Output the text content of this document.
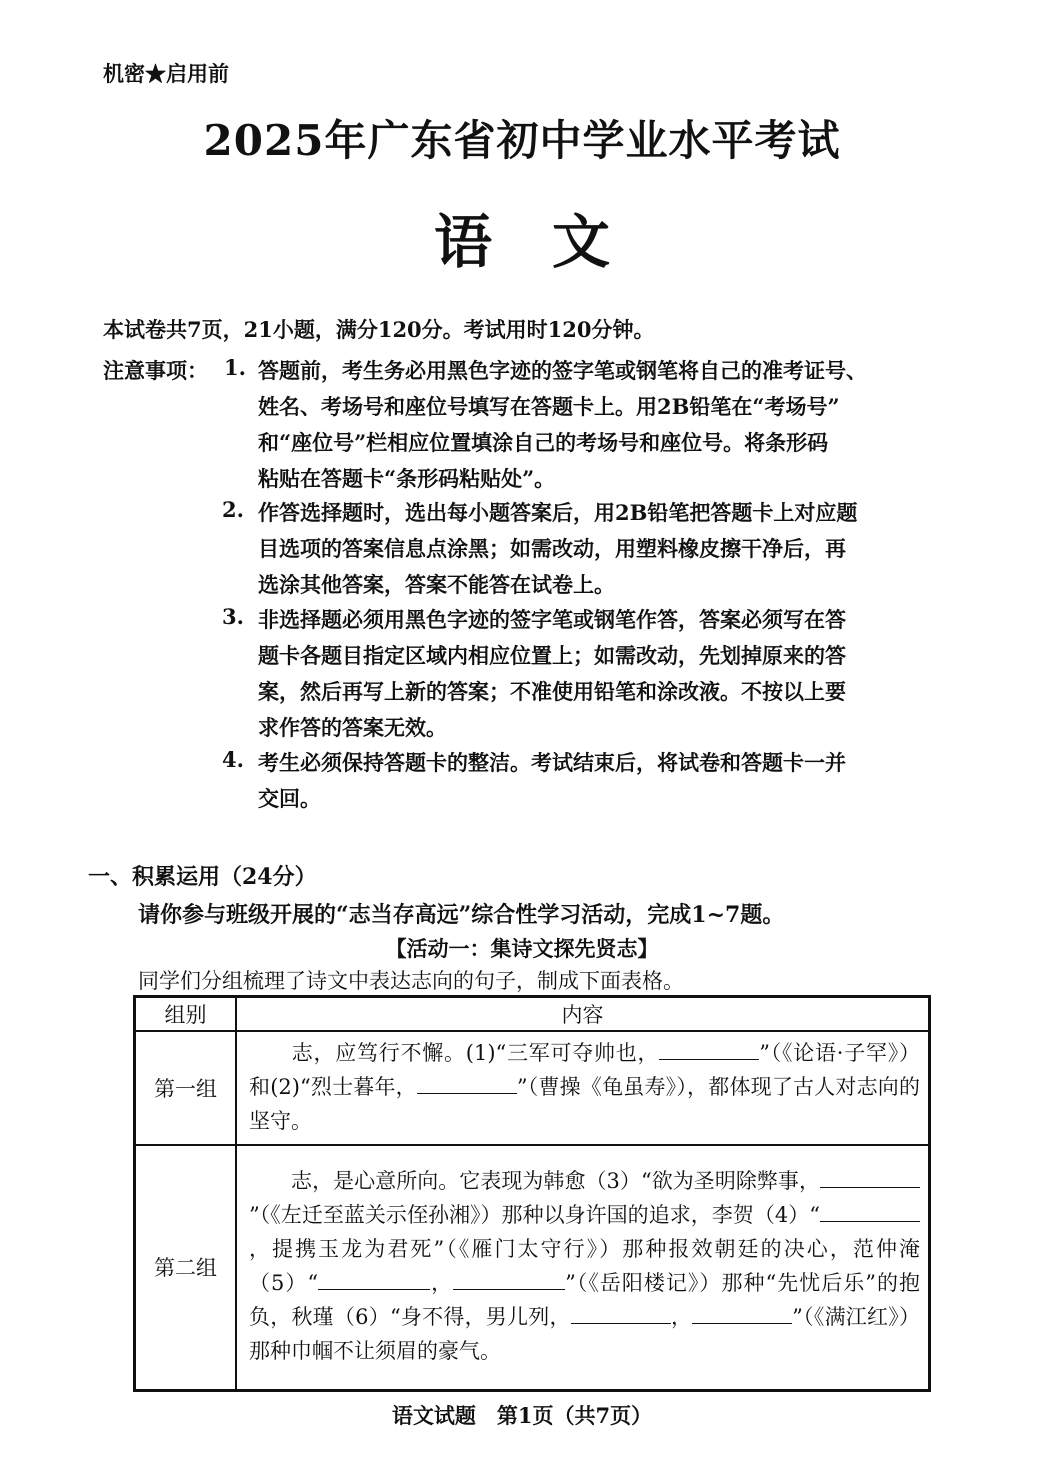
机密★启用前
2025年广东省初中学业水平考试
语文
本试卷共7页，21小题，满分120分。考试用时120分钟。
注意事项： 1. 答题前，考生务必用黑色字迹的签字笔或钢笔将自己的准考证号、
姓名、考场号和座位号填写在答题卡上。用2B铅笔在“考场号”
和“座位号”栏相应位置填涂自己的考场号和座位号。将条形码
粘贴在答题卡“条形码粘贴处”。
2. 作答选择题时，选出每小题答案后，用2B铅笔把答题卡上对应题
目选项的答案信息点涂黑；如需改动，用塑料橡皮擦干净后，再
选涂其他答案，答案不能答在试卷上。
3. 非选择题必须用黑色字迹的签字笔或钢笔作答，答案必须写在答
题卡各题目指定区域内相应位置上；如需改动，先划掉原来的答
案，然后再写上新的答案；不准使用铅笔和涂改液。不按以上要
求作答的答案无效。
4. 考生必须保持答题卡的整洁。考试结束后，将试卷和答题卡一并
交回。
一、积累运用（24分）
请你参与班级开展的“志当存高远”综合性学习活动，完成1~7题。
【活动一：集诗文探先贤志】
同学们分组梳理了诗文中表达志向的句子，制成下面表格。
组别	内容
第一组	志，应笃行不懈。(1)“三军可夺帅也， ”（《论语·子罕》）和(2)“烈士暮年， ”（曹操《龟虽寿》），都体现了古人对志向的坚守。
第二组	志，是心意所向。它表现为韩愈（3）“欲为圣明除弊事，”（《左迁至蓝关示侄孙湘》）那种以身许国的追求，李贺（4）“，提携玉龙为君死”（《雁门太守行》）那种报效朝廷的决心，范仲淹（5）“ ， ”（《岳阳楼记》）那种“先忧后乐”的抱负，秋瑾（6）“身不得，男儿列， ， ”（《满江红》）那种巾帼不让须眉的豪气。
语文试题　第1页（共7页）
